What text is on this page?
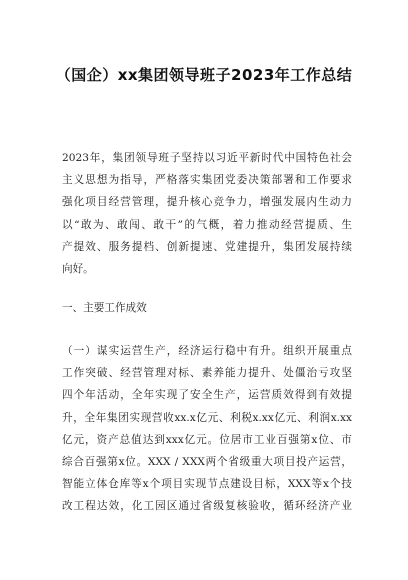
（国企）xx集团领导班子2023年工作总结
2023年，集团领导班子坚持以习近平新时代中国特色社会
主义思想为指导，严格落实集团党委决策部署和工作要求
强化项目经营管理，提升核心竞争力，增强发展内生动力
以“敢为、敢闯、敢干”的气概，着力推动经营提质、生
产提效、服务提档、创新提速、党建提升，集团发展持续
向好。
一、主要工作成效
（一）谋实运营生产，经济运行稳中有升。组织开展重点
工作突破、经营管理对标、素养能力提升、处僵治亏攻坚
四个年活动，全年实现了安全生产，运营质效得到有效提
升，全年集团实现营收xx.x亿元、利税x.xx亿元、利润x.xx
亿元，资产总值达到xxx亿元。位居市工业百强第x位、市
综合百强第x位。XXX / XXX两个省级重大项目投产运营，
智能立体仓库等x个项目实现节点建设目标，XXX等x个技
改工程达效，化工园区通过省级复核验收，循环经济产业
